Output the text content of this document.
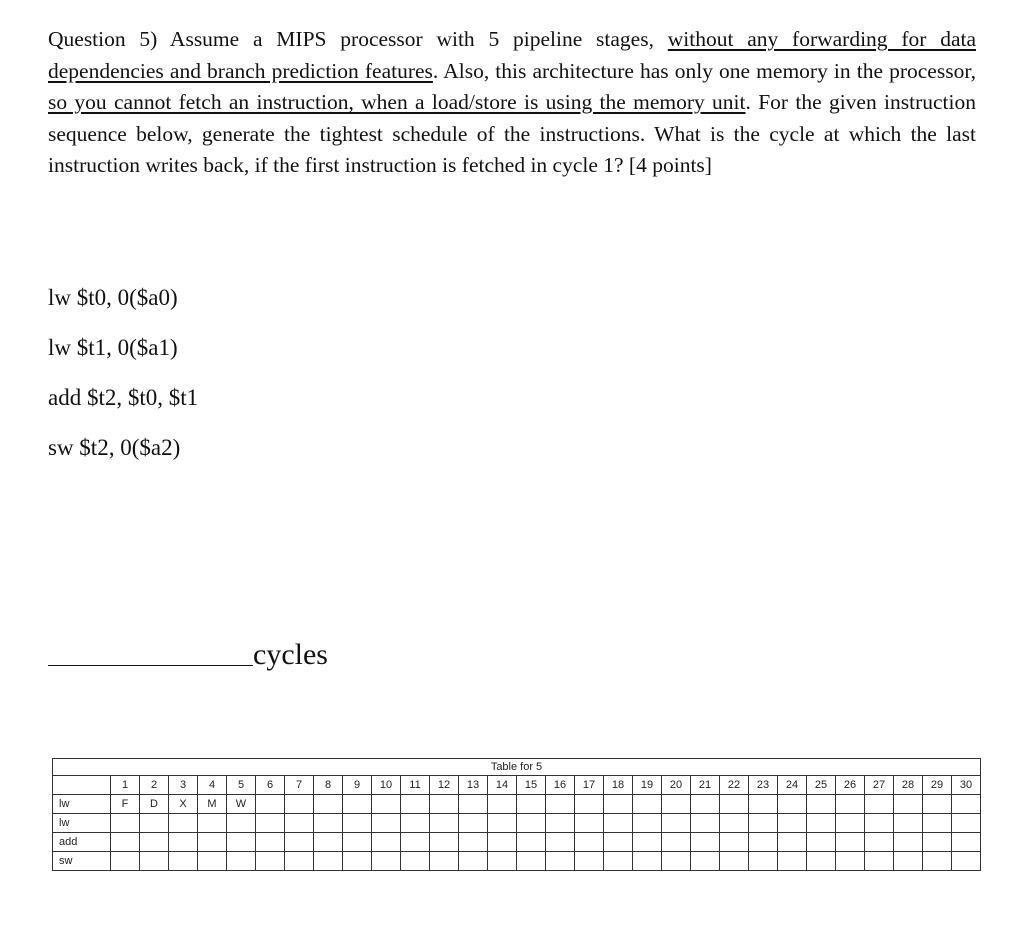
Question 5) Assume a MIPS processor with 5 pipeline stages, without any forwarding for data dependencies and branch prediction features. Also, this architecture has only one memory in the processor, so you cannot fetch an instruction, when a load/store is using the memory unit. For the given instruction sequence below, generate the tightest schedule of the instructions. What is the cycle at which the last instruction writes back, if the first instruction is fetched in cycle 1? [4 points]
lw $t0, 0($a0)
lw $t1, 0($a1)
add $t2, $t0, $t1
sw $t2, 0($a2)
cycles
Table for 5																														
	1	2	3	4	5	6	7	8	9	10	11	12	13	14	15	16	17	18	19	20	21	22	23	24	25	26	27	28	29	30
lw	F	D	X	M	W																									
lw																														
add																														
sw																														
